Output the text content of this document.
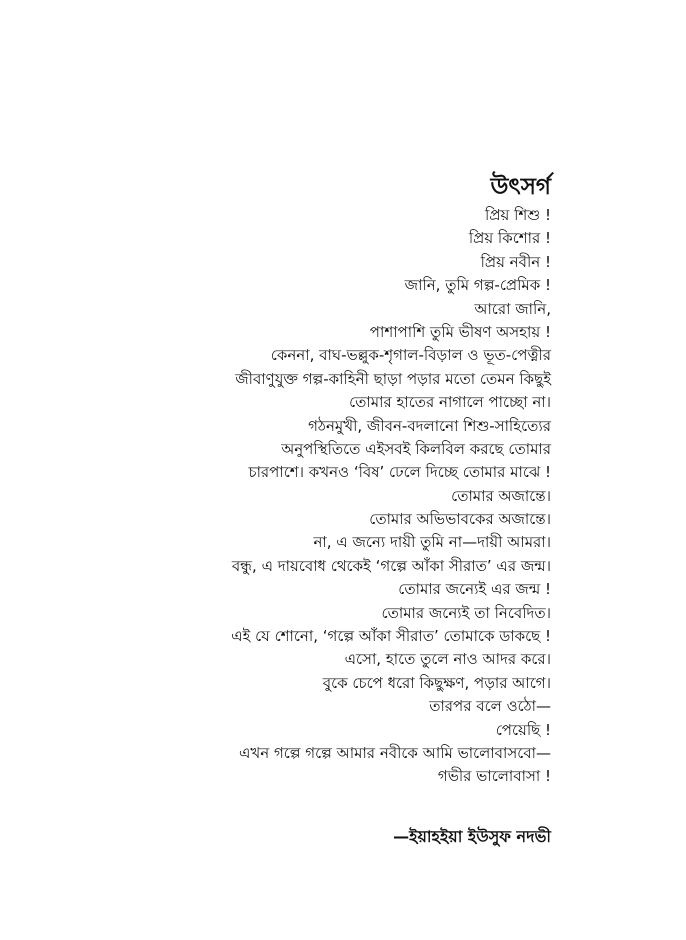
উৎসর্গ
প্রিয় শিশু !
প্রিয় কিশোর !
প্রিয় নবীন !
জানি, তুমি গল্প-প্রেমিক !
আরো জানি,
পাশাপাশি তুমি ভীষণ অসহায় !
কেননা, বাঘ-ভল্লুক-শৃগাল-বিড়াল ও ভূত-পেত্নীর
জীবাণুযুক্ত গল্প-কাহিনী ছাড়া পড়ার মতো তেমন কিছুই
তোমার হাতের নাগালে পাচ্ছো না।
গঠনমুখী, জীবন-বদলানো শিশু-সাহিত্যের
অনুপস্থিতিতে এইসবই কিলবিল করছে তোমার
চারপাশে। কখনও ‘বিষ’ ঢেলে দিচ্ছে তোমার মাঝে !
তোমার অজান্তে।
তোমার অভিভাবকের অজান্তে।
না, এ জন্যে দায়ী তুমি না—দায়ী আমরা।
বন্ধু, এ দায়বোধ থেকেই ‘গল্পে আঁকা সীরাত’ এর জন্ম।
তোমার জন্যেই এর জন্ম !
তোমার জন্যেই তা নিবেদিত।
এই যে শোনো, ‘গল্পে আঁকা সীরাত’ তোমাকে ডাকছে !
এসো, হাতে তুলে নাও আদর করে।
বুকে চেপে ধরো কিছুক্ষণ, পড়ার আগে।
তারপর বলে ওঠো—
পেয়েছি !
এখন গল্পে গল্পে আমার নবীকে আমি ভালোবাসবো—
গভীর ভালোবাসা !
—ইয়াহইয়া ইউসুফ নদভী
